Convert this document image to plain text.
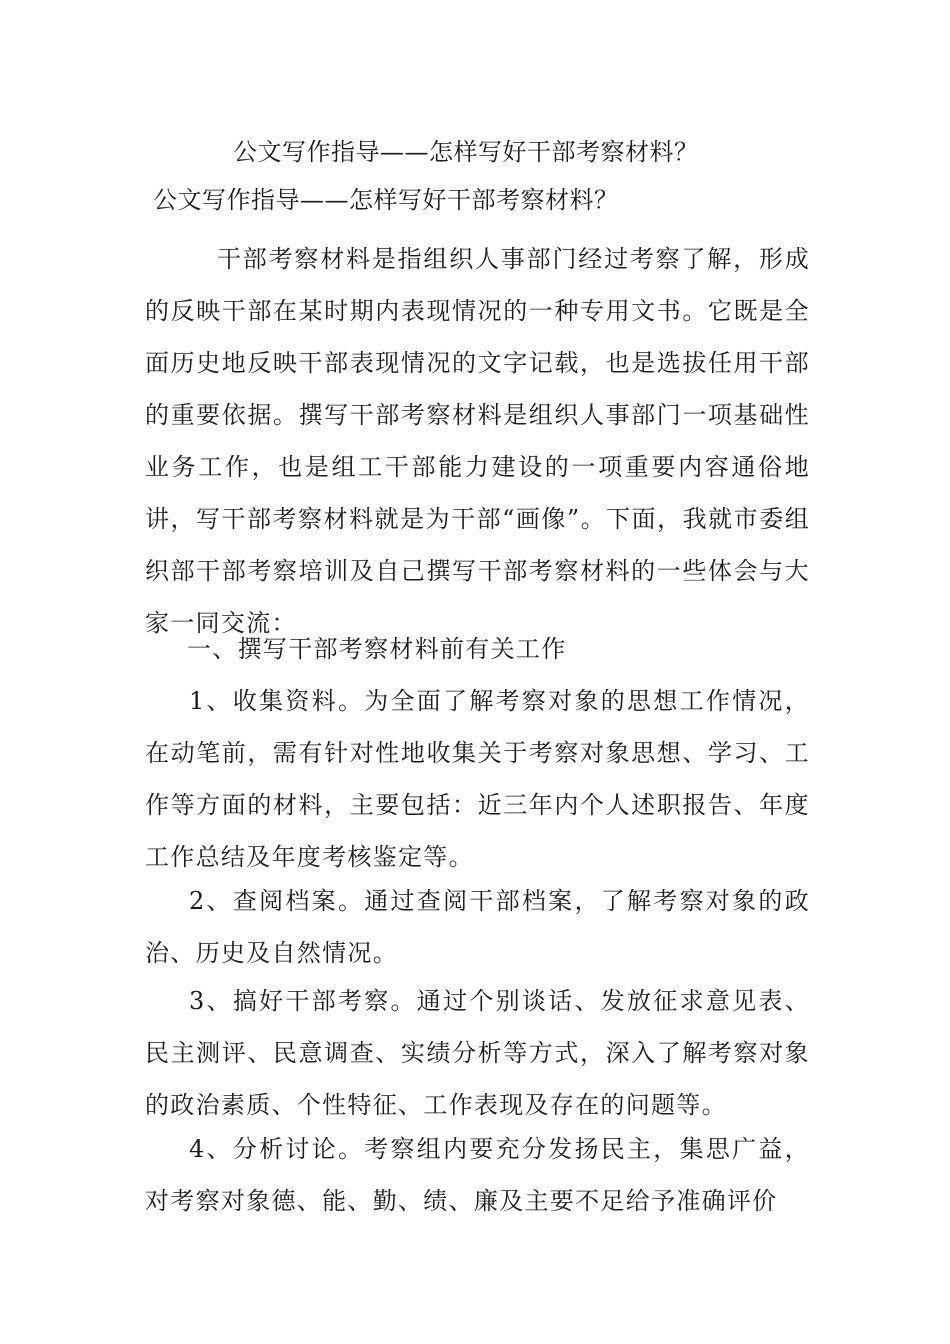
公文写作指导——怎样写好干部考察材料？
公文写作指导——怎样写好干部考察材料？

干部考察材料是指组织人事部门经过考察了解，形成的反映干部在某时期内表现情况的一种专用文书。它既是全面历史地反映干部表现情况的文字记载，也是选拔任用干部的重要依据。撰写干部考察材料是组织人事部门一项基础性业务工作，也是组工干部能力建设的一项重要内容通俗地讲，写干部考察材料就是为干部“画像”。下面，我就市委组织部干部考察培训及自己撰写干部考察材料的一些体会与大家一同交流：

一、撰写干部考察材料前有关工作

1、收集资料。为全面了解考察对象的思想工作情况，在动笔前，需有针对性地收集关于考察对象思想、学习、工作等方面的材料，主要包括：近三年内个人述职报告、年度工作总结及年度考核鉴定等。

2、查阅档案。通过查阅干部档案，了解考察对象的政治、历史及自然情况。

3、搞好干部考察。通过个别谈话、发放征求意见表、民主测评、民意调查、实绩分析等方式，深入了解考察对象的政治素质、个性特征、工作表现及存在的问题等。

4、分析讨论。考察组内要充分发扬民主，集思广益，对考察对象德、能、勤、绩、廉及主要不足给予准确评价
